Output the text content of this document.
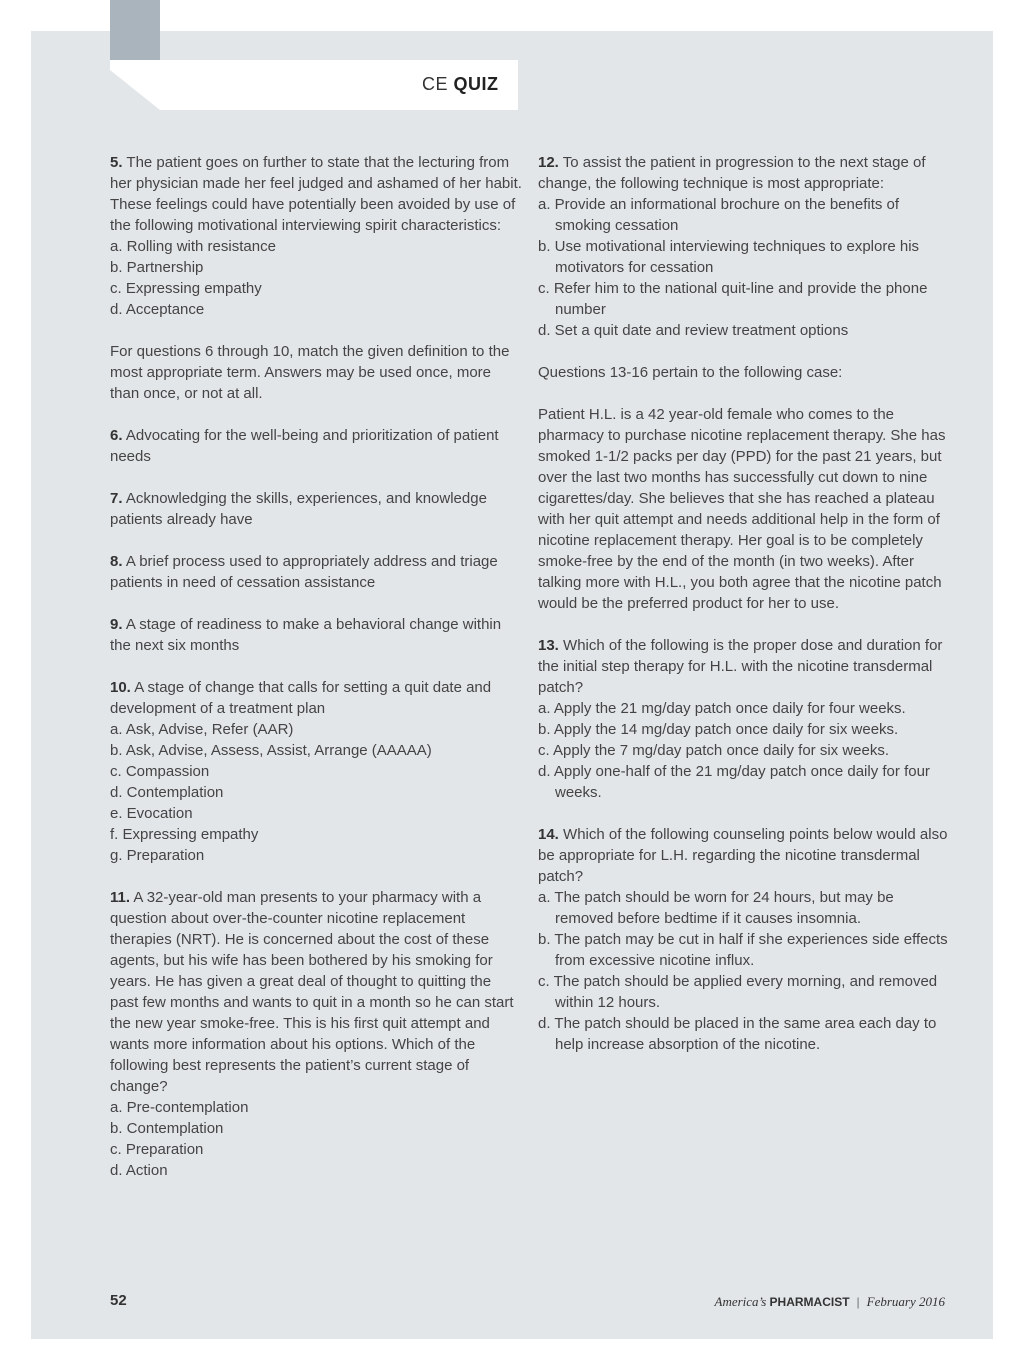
CE QUIZ

5. The patient goes on further to state that the lecturing from her physician made her feel judged and ashamed of her habit. These feelings could have potentially been avoided by use of the following motivational interviewing spirit characteristics:

a. Rolling with resistance

b. Partnership

c. Expressing empathy

d. Acceptance

For questions 6 through 10, match the given definition to the most appropriate term. Answers may be used once, more than once, or not at all.

6. Advocating for the well-being and prioritization of patient needs

7. Acknowledging the skills, experiences, and knowledge patients already have

8. A brief process used to appropriately address and triage patients in need of cessation assistance

9. A stage of readiness to make a behavioral change within the next six months

10. A stage of change that calls for setting a quit date and development of a treatment plan

a. Ask, Advise, Refer (AAR)

b. Ask, Advise, Assess, Assist, Arrange (AAAAA)

c. Compassion

d. Contemplation

e. Evocation

f. Expressing empathy

g. Preparation

11. A 32-year-old man presents to your pharmacy with a question about over-the-counter nicotine replacement therapies (NRT). He is concerned about the cost of these agents, but his wife has been bothered by his smoking for years. He has given a great deal of thought to quitting the past few months and wants to quit in a month so he can start the new year smoke-free. This is his first quit attempt and wants more information about his options. Which of the following best represents the patient’s current stage of change?

a. Pre-contemplation

b. Contemplation

c. Preparation

d. Action

12. To assist the patient in progression to the next stage of change, the following technique is most appropriate:

a. Provide an informational brochure on the benefits of smoking cessation

b. Use motivational interviewing techniques to explore his motivators for cessation

c. Refer him to the national quit-line and provide the phone number

d. Set a quit date and review treatment options

Questions 13-16 pertain to the following case:

Patient H.L. is a 42 year-old female who comes to the pharmacy to purchase nicotine replacement therapy. She has smoked 1-1/2 packs per day (PPD) for the past 21 years, but over the last two months has successfully cut down to nine cigarettes/day. She believes that she has reached a plateau with her quit attempt and needs additional help in the form of nicotine replacement therapy. Her goal is to be completely smoke-free by the end of the month (in two weeks). After talking more with H.L., you both agree that the nicotine patch would be the preferred product for her to use.

13. Which of the following is the proper dose and duration for the initial step therapy for H.L. with the nicotine transdermal patch?

a. Apply the 21 mg/day patch once daily for four weeks.

b. Apply the 14 mg/day patch once daily for six weeks.

c. Apply the 7 mg/day patch once daily for six weeks.

d. Apply one-half of the 21 mg/day patch once daily for four weeks.

14. Which of the following counseling points below would also be appropriate for L.H. regarding the nicotine transdermal patch?

a. The patch should be worn for 24 hours, but may be removed before bedtime if it causes insomnia.

b. The patch may be cut in half if she experiences side effects from excessive nicotine influx.

c. The patch should be applied every morning, and removed within 12 hours.

d. The patch should be placed in the same area each day to help increase absorption of the nicotine.

52	America’s PHARMACIST | February 2016
